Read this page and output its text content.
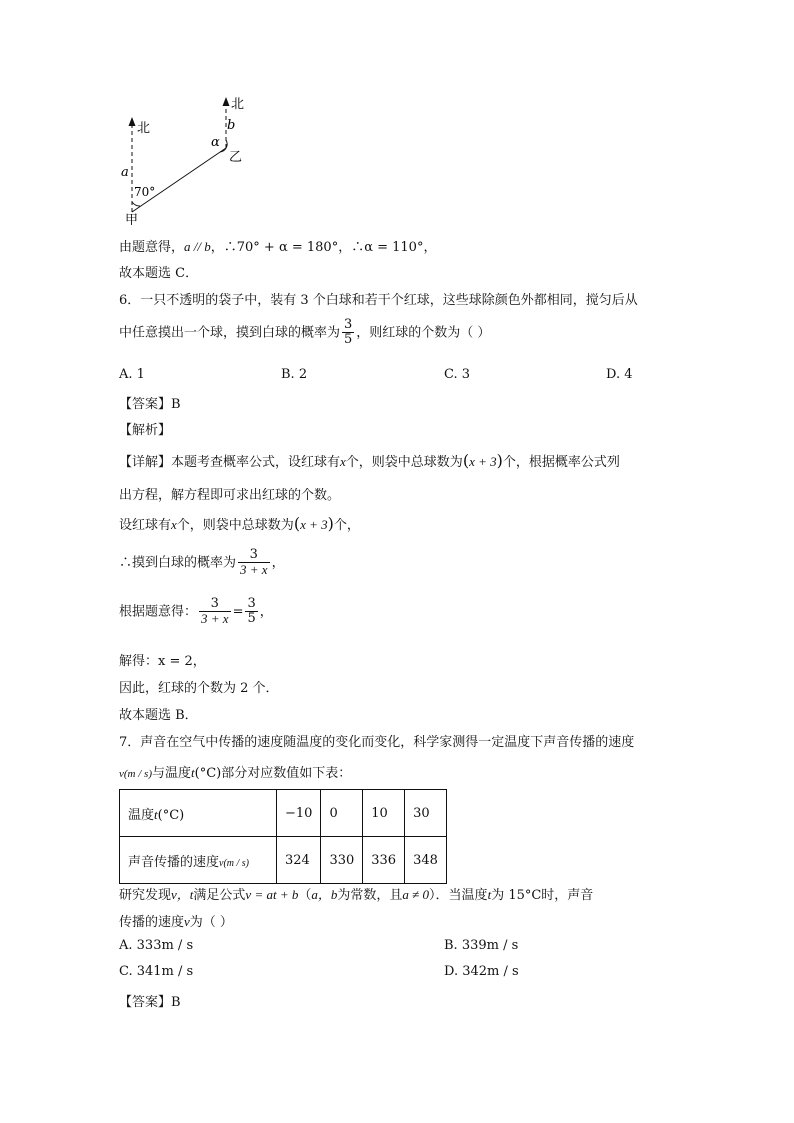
北
北
a
b
α
70°
甲
乙
由题意得，a // b，∴70° + α = 180°，∴α = 110°，
故本题选 C．
6．一只不透明的袋子中，装有 3 个白球和若干个红球，这些球除颜色外都相同，搅匀后从
中任意摸出一个球，摸到白球的概率为 $\frac{3}{5}$ ，则红球的个数为（ ）
A. 1	B. 2	C. 3	D. 4
【答案】B
【解析】
【详解】本题考查概率公式，设红球有x个，则袋中总球数为(x + 3)个，根据概率公式列
出方程，解方程即可求出红球的个数。
设红球有x个，则袋中总球数为(x + 3)个，
∴摸到白球的概率为 $\frac{3}{3 + x}$ ，
根据题意得： $\frac{3}{3 + x} = \frac{3}{5}$ ，
解得：x = 2，
因此，红球的个数为 2 个．
故本题选 B．
7．声音在空气中传播的速度随温度的变化而变化，科学家测得一定温度下声音传播的速度
v(m / s)与温度t(°C)部分对应数值如下表：
温度t(°C)	−10	0	10	30
声音传播的速度v(m / s)	324	330	336	348
研究发现v，t满足公式v = at + b（a，b为常数，且a ≠ 0）．当温度t为 15°C时，声音
传播的速度v为（ ）
A. 333m / s	B. 339m / s
C. 341m / s	D. 342m / s
【答案】B
